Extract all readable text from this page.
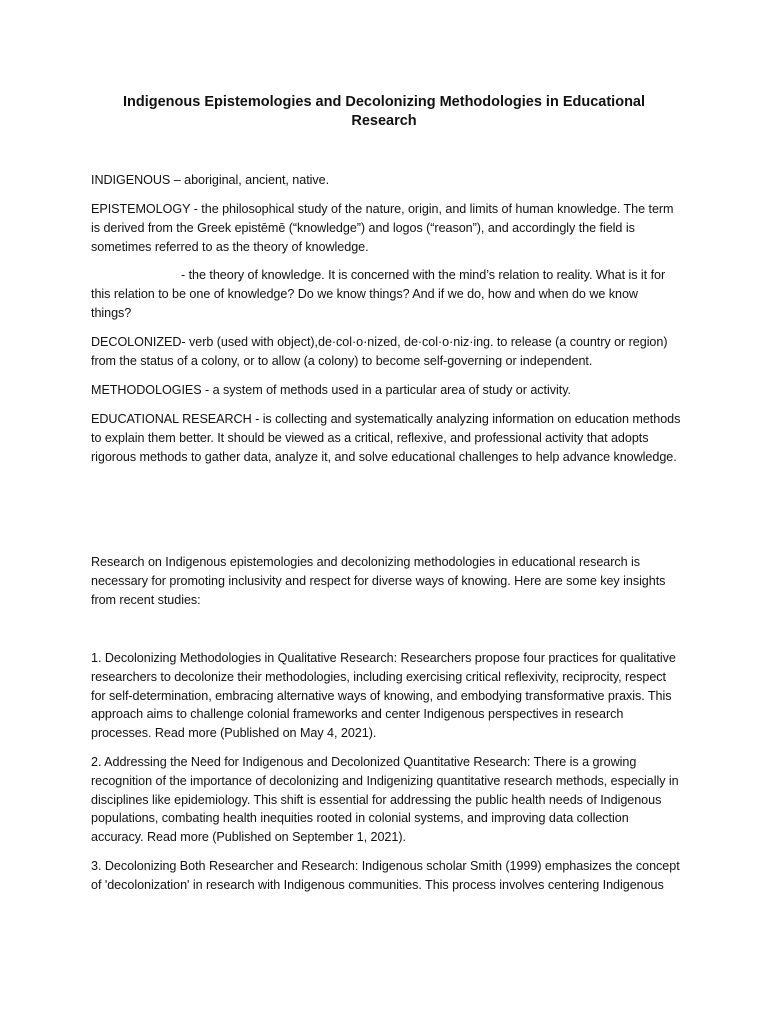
Indigenous Epistemologies and Decolonizing Methodologies in Educational Research

INDIGENOUS – aboriginal, ancient, native.

EPISTEMOLOGY - the philosophical study of the nature, origin, and limits of human knowledge. The term is derived from the Greek epistēmē (“knowledge”) and logos (“reason”), and accordingly the field is sometimes referred to as the theory of knowledge.

- the theory of knowledge. It is concerned with the mind’s relation to reality. What is it for this relation to be one of knowledge? Do we know things? And if we do, how and when do we know things?

DECOLONIZED- verb (used with object),de·col·o·nized, de·col·o·niz·ing. to release (a country or region) from the status of a colony, or to allow (a colony) to become self-governing or independent.

METHODOLOGIES - a system of methods used in a particular area of study or activity.

EDUCATIONAL RESEARCH - is collecting and systematically analyzing information on education methods to explain them better. It should be viewed as a critical, reflexive, and professional activity that adopts rigorous methods to gather data, analyze it, and solve educational challenges to help advance knowledge.

Research on Indigenous epistemologies and decolonizing methodologies in educational research is necessary for promoting inclusivity and respect for diverse ways of knowing. Here are some key insights from recent studies:

1. Decolonizing Methodologies in Qualitative Research: Researchers propose four practices for qualitative researchers to decolonize their methodologies, including exercising critical reflexivity, reciprocity, respect for self-determination, embracing alternative ways of knowing, and embodying transformative praxis. This approach aims to challenge colonial frameworks and center Indigenous perspectives in research processes. Read more (Published on May 4, 2021).

2. Addressing the Need for Indigenous and Decolonized Quantitative Research: There is a growing recognition of the importance of decolonizing and Indigenizing quantitative research methods, especially in disciplines like epidemiology. This shift is essential for addressing the public health needs of Indigenous populations, combating health inequities rooted in colonial systems, and improving data collection accuracy. Read more (Published on September 1, 2021).

3. Decolonizing Both Researcher and Research: Indigenous scholar Smith (1999) emphasizes the concept of 'decolonization' in research with Indigenous communities. This process involves centering Indigenous
